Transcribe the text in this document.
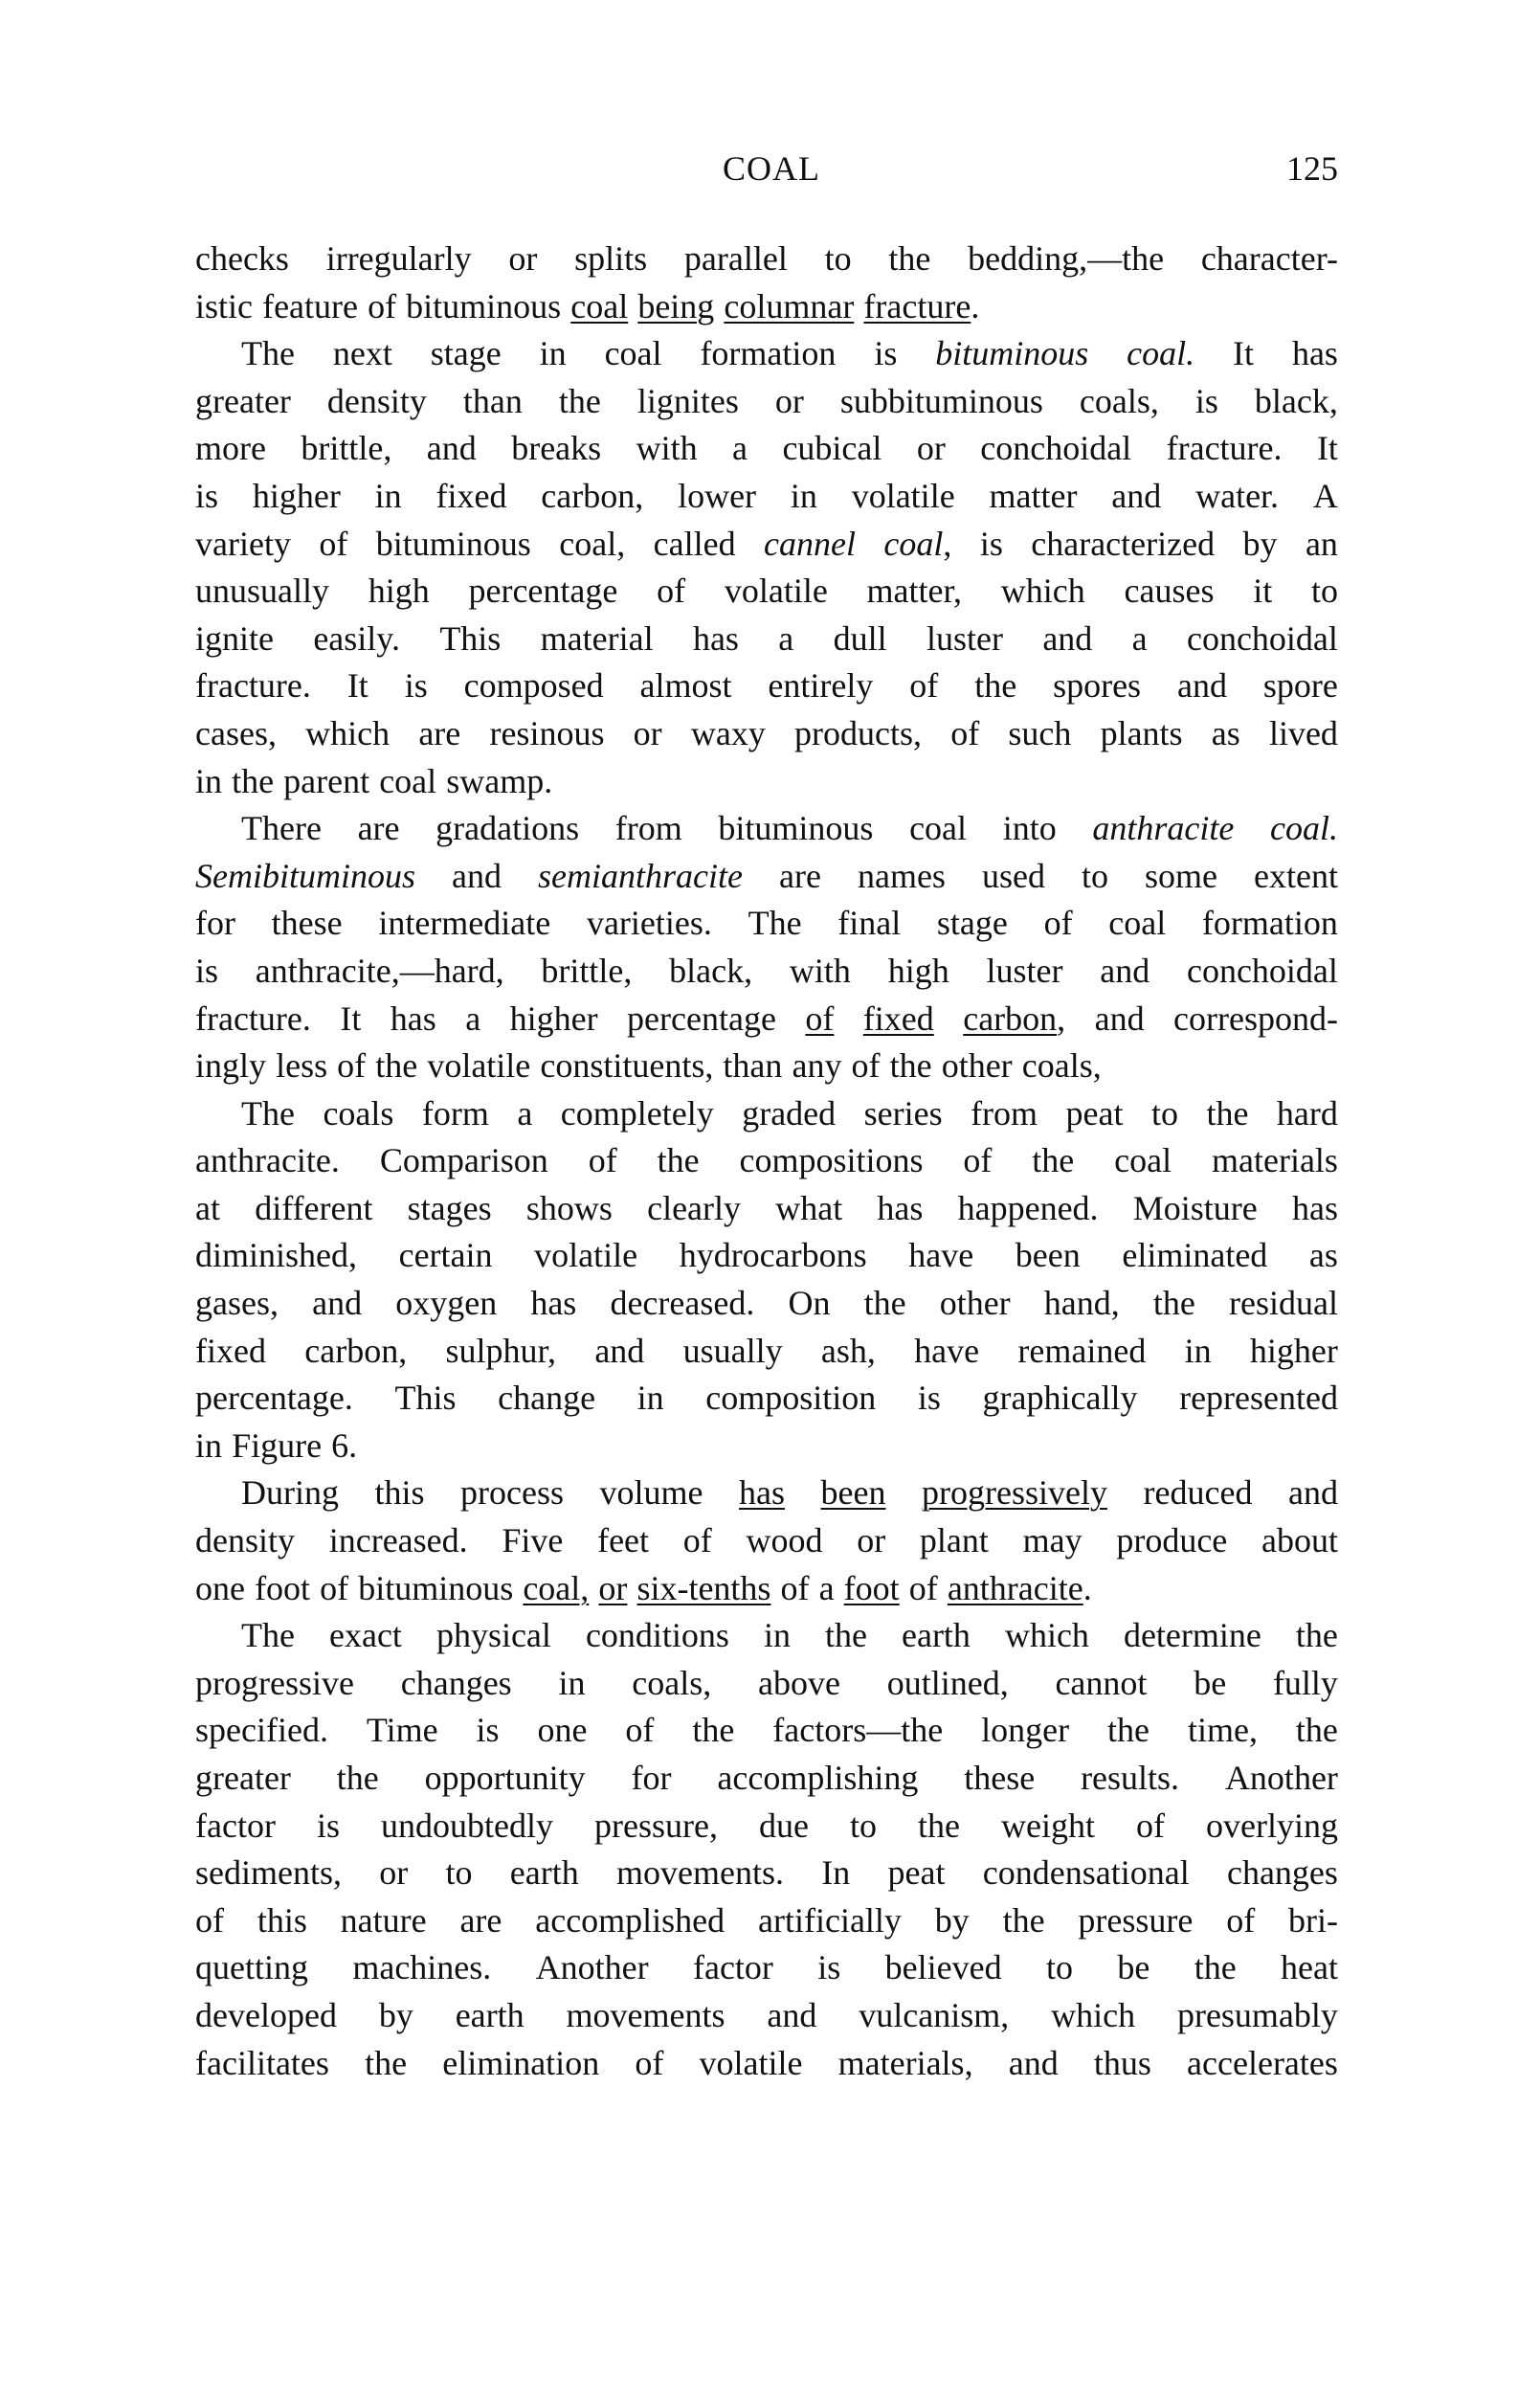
COAL	125
checks irregularly or splits parallel to the bedding,—the character-
istic feature of bituminous coal being columnar fracture.
The next stage in coal formation is bituminous coal. It has
greater density than the lignites or subbituminous coals, is black,
more brittle, and breaks with a cubical or conchoidal fracture. It
is higher in fixed carbon, lower in volatile matter and water. A
variety of bituminous coal, called cannel coal, is characterized by an
unusually high percentage of volatile matter, which causes it to
ignite easily. This material has a dull luster and a conchoidal
fracture. It is composed almost entirely of the spores and spore
cases, which are resinous or waxy products, of such plants as lived
in the parent coal swamp.
There are gradations from bituminous coal into anthracite coal.
Semibituminous and semianthracite are names used to some extent
for these intermediate varieties. The final stage of coal formation
is anthracite,—hard, brittle, black, with high luster and conchoidal
fracture. It has a higher percentage of fixed carbon, and correspond-
ingly less of the volatile constituents, than any of the other coals,
The coals form a completely graded series from peat to the hard
anthracite. Comparison of the compositions of the coal materials
at different stages shows clearly what has happened. Moisture has
diminished, certain volatile hydrocarbons have been eliminated as
gases, and oxygen has decreased. On the other hand, the residual
fixed carbon, sulphur, and usually ash, have remained in higher
percentage. This change in composition is graphically represented
in Figure 6.
During this process volume has been progressively reduced and
density increased. Five feet of wood or plant may produce about
one foot of bituminous coal, or six-tenths of a foot of anthracite.
The exact physical conditions in the earth which determine the
progressive changes in coals, above outlined, cannot be fully
specified. Time is one of the factors—the longer the time, the
greater the opportunity for accomplishing these results. Another
factor is undoubtedly pressure, due to the weight of overlying
sediments, or to earth movements. In peat condensational changes
of this nature are accomplished artificially by the pressure of bri-
quetting machines. Another factor is believed to be the heat
developed by earth movements and vulcanism, which presumably
facilitates the elimination of volatile materials, and thus accelerates
